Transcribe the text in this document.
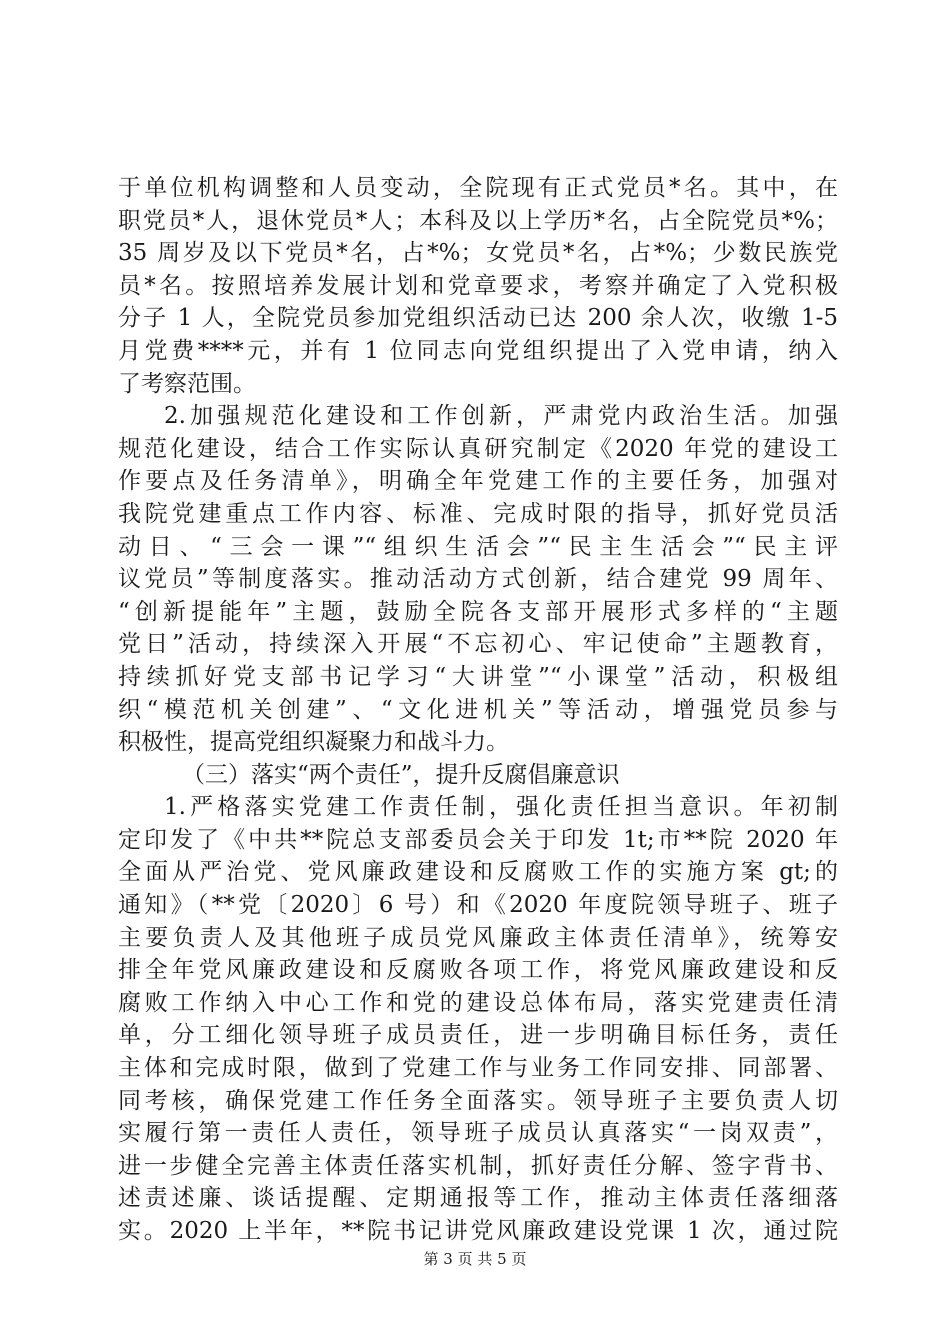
于单位机构调整和人员变动，全院现有正式党员*名。其中，在
职党员*人，退休党员*人；本科及以上学历*名，占全院党员*%；
35 周岁及以下党员*名，占*%；女党员*名，占*%；少数民族党
员*名。按照培养发展计划和党章要求，考察并确定了入党积极
分子 1 人，全院党员参加党组织活动已达 200 余人次，收缴 1-5
月党费****元，并有 1 位同志向党组织提出了入党申请，纳入
了考察范围。
2.加强规范化建设和工作创新，严肃党内政治生活。加强
规范化建设，结合工作实际认真研究制定《2020 年党的建设工
作要点及任务清单》，明确全年党建工作的主要任务，加强对
我院党建重点工作内容、标准、完成时限的指导，抓好党员活
动日、“三会一课”“组织生活会”“民主生活会”“民主评
议党员”等制度落实。推动活动方式创新，结合建党 99 周年、
“创新提能年”主题，鼓励全院各支部开展形式多样的“主题
党日”活动，持续深入开展“不忘初心、牢记使命”主题教育，
持续抓好党支部书记学习“大讲堂”“小课堂”活动，积极组
织“模范机关创建”、“文化进机关”等活动，增强党员参与
积极性，提高党组织凝聚力和战斗力。
（三）落实“两个责任”，提升反腐倡廉意识
1.严格落实党建工作责任制，强化责任担当意识。年初制
定印发了《中共**院总支部委员会关于印发 1t;市**院 2020 年
全面从严治党、党风廉政建设和反腐败工作的实施方案 gt;的
通知》（**党〔2020〕6 号）和《2020 年度院领导班子、班子
主要负责人及其他班子成员党风廉政主体责任清单》，统筹安
排全年党风廉政建设和反腐败各项工作，将党风廉政建设和反
腐败工作纳入中心工作和党的建设总体布局，落实党建责任清
单，分工细化领导班子成员责任，进一步明确目标任务，责任
主体和完成时限，做到了党建工作与业务工作同安排、同部署、
同考核，确保党建工作任务全面落实。领导班子主要负责人切
实履行第一责任人责任，领导班子成员认真落实“一岗双责”，
进一步健全完善主体责任落实机制，抓好责任分解、签字背书、
述责述廉、谈话提醒、定期通报等工作，推动主体责任落细落
实。2020 上半年，**院书记讲党风廉政建设党课 1 次，通过院
第 3 页 共 5 页
